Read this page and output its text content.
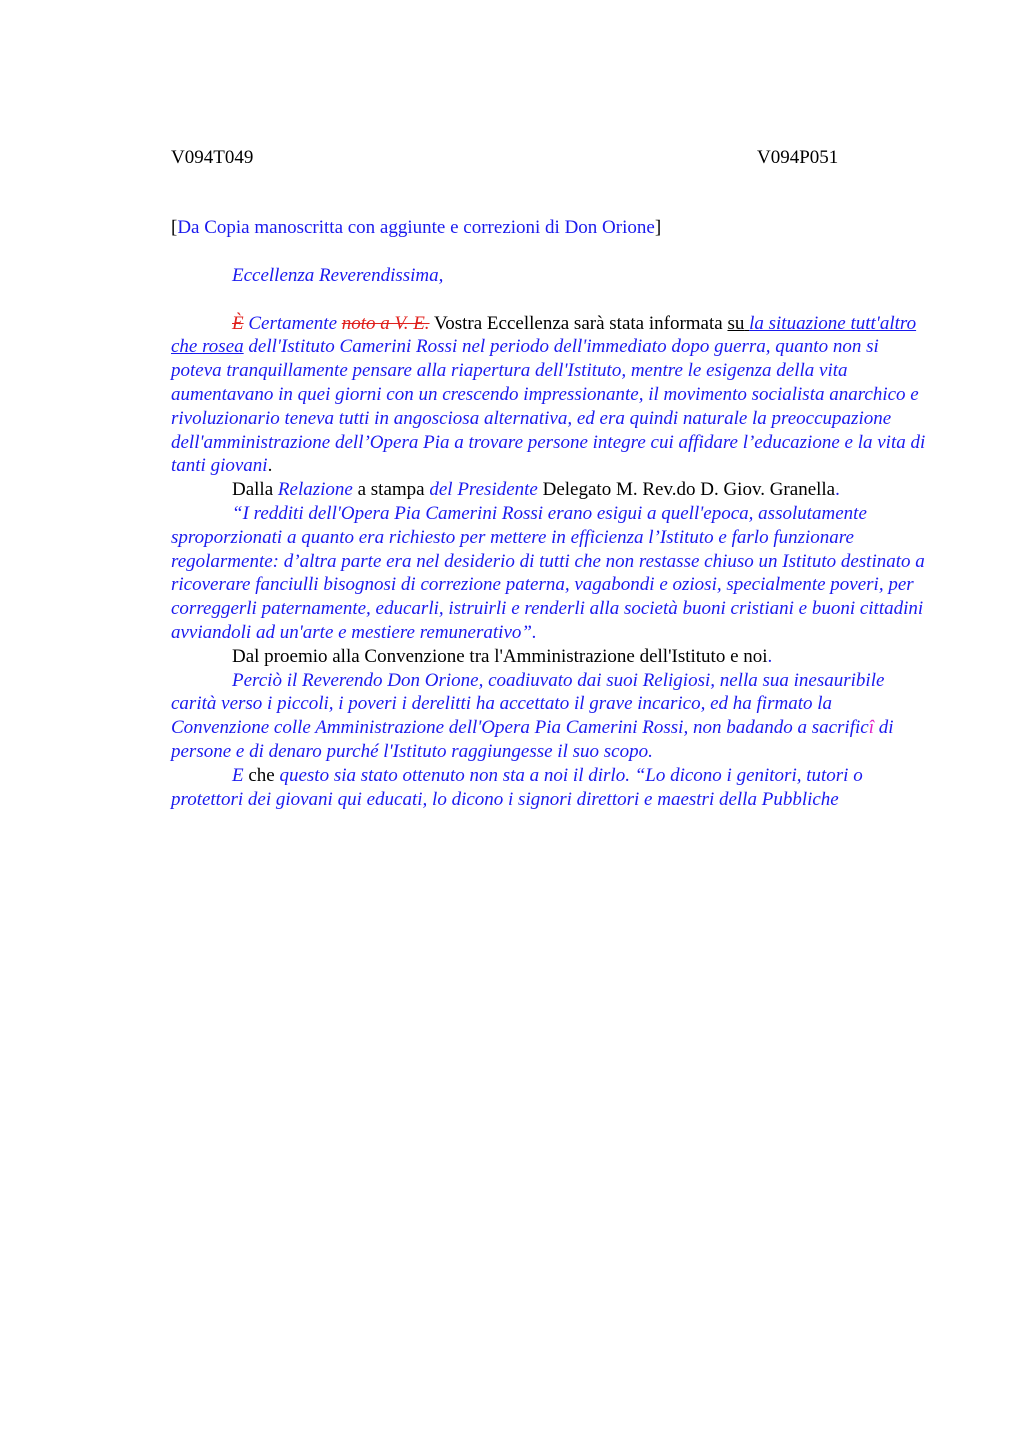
V094T049	V094P051

[Da Copia manoscritta con aggiunte e correzioni di Don Orione]

Eccellenza Reverendissima,

È Certamente noto a V. E. Vostra Eccellenza sarà stata informata su la situazione tutt'altro che rosea dell'Istituto Camerini Rossi nel periodo dell'immediato dopo guerra, quanto non si poteva tranquillamente pensare alla riapertura dell'Istituto, mentre le esigenza della vita aumentavano in quei giorni con un crescendo impressionante, il movimento socialista anarchico e rivoluzionario teneva tutti in angosciosa alternativa, ed era quindi naturale la preoccupazione dell'amministrazione dell’Opera Pia a trovare persone integre cui affidare l’educazione e la vita di tanti giovani.

Dalla Relazione a stampa del Presidente Delegato M. Rev.do D. Giov. Granella.

“I redditi dell'Opera Pia Camerini Rossi erano esigui a quell'epoca, assolutamente sproporzionati a quanto era richiesto per mettere in efficienza l’Istituto e farlo funzionare regolarmente: d’altra parte era nel desiderio di tutti che non restasse chiuso un Istituto destinato a ricoverare fanciulli bisognosi di correzione paterna, vagabondi e oziosi, specialmente poveri, per correggerli paternamente, educarli, istruirli e renderli alla società buoni cristiani e buoni cittadini avviandoli ad un'arte e mestiere remunerativo”.

Dal proemio alla Convenzione tra l'Amministrazione dell'Istituto e noi.

Perciò il Reverendo Don Orione, coadiuvato dai suoi Religiosi, nella sua inesauribile carità verso i piccoli, i poveri i derelitti ha accettato il grave incarico, ed ha firmato la Convenzione colle Amministrazione dell'Opera Pia Camerini Rossi, non badando a sacrificî di persone e di denaro purché l'Istituto raggiungesse il suo scopo.

E che questo sia stato ottenuto non sta a noi il dirlo. “Lo dicono i genitori, tutori o protettori dei giovani qui educati, lo dicono i signori direttori e maestri della Pubbliche
